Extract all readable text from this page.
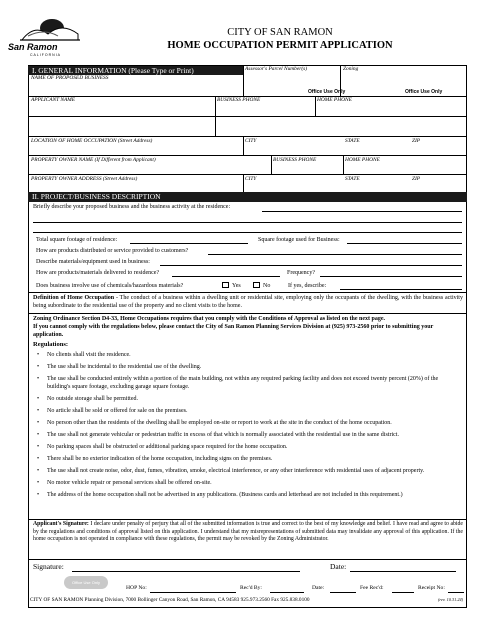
San Ramon
CALIFORNIA
CITY OF SAN RAMON
HOME OCCUPATION PERMIT APPLICATION
I. GENERAL INFORMATION (Please Type or Print)	Assessor's Parcel Number(s)	Zoning
Office Use Only	Office Use Only
NAME OF PROPOSED BUSINESS
APPLICANT NAME	BUSINESS PHONE	HOME PHONE
LOCATION OF HOME OCCUPATION (Street Address)	CITY	STATE	ZIP
PROPERTY OWNER NAME (If Different from Applicant)	BUSINESS PHONE	HOME PHONE
PROPERTY OWNER ADDRESS (Street Address)	CITY	STATE	ZIP
II. PROJECT/BUSINESS DESCRIPTION
Briefly describe your proposed business and the business activity at the residence:
Total square footage of residence:	Square footage used for Business:
How are products distributed or service provided to customers?
Describe materials/equipment used in business:
How are products/materials delivered to residence?	Frequency?
Does business involve use of chemicals/hazardous materials?	Yes	No	If yes, describe:
Definition of Home Occupation - The conduct of a business within a dwelling unit or residential site, employing only the occupants of the dwelling, with the business activity being subordinate to the residential use of the property and no client visits to the home.
Zoning Ordinance Section D4-33, Home Occupations requires that you comply with the Conditions of Approval as listed on the next page.
If you cannot comply with the regulations below, please contact the City of San Ramon Planning Services Division at (925) 973-2560 prior to submitting your application.
Regulations:
• No clients shall visit the residence.
• The use shall be incidental to the residential use of the dwelling.
• The use shall be conducted entirely within a portion of the main building, not within any required parking facility and does not exceed twenty percent (20%) of the building's square footage, excluding garage square footage.
• No outside storage shall be permitted.
• No article shall be sold or offered for sale on the premises.
• No person other than the residents of the dwelling shall be employed on-site or report to work at the site in the conduct of the home occupation.
• The use shall not generate vehicular or pedestrian traffic in excess of that which is normally associated with the residential use in the same district.
• No parking spaces shall be obstructed or additional parking space required for the home occupation.
• There shall be no exterior indication of the home occupation, including signs on the premises.
• The use shall not create noise, odor, dust, fumes, vibration, smoke, electrical interference, or any other interference with residential uses of adjacent property.
• No motor vehicle repair or personal services shall be offered on-site.
• The address of the home occupation shall not be advertised in any publications. (Business cards and letterhead are not included in this requirement.)
Applicant's Signature: I declare under penalty of perjury that all of the submitted information is true and correct to the best of my knowledge and belief. I have read and agree to abide by the regulations and conditions of approval listed on this application. I understand that my misrepresentations of submitted data may invalidate any approval of this application. If the home occupation is not operated in compliance with these regulations, the permit may be revoked by the Zoning Administrator.
Signature:	Date:
Office Use Only
HOP No:	Rec'd By:	Date:	Fee Rec'd:	Receipt No:
CITY OF SAN RAMON Planning Division, 7000 Bollinger Canyon Road, San Ramon, CA 94583 925.973.2560 Fax 925.838.0100	(rev. 10.31.24)
